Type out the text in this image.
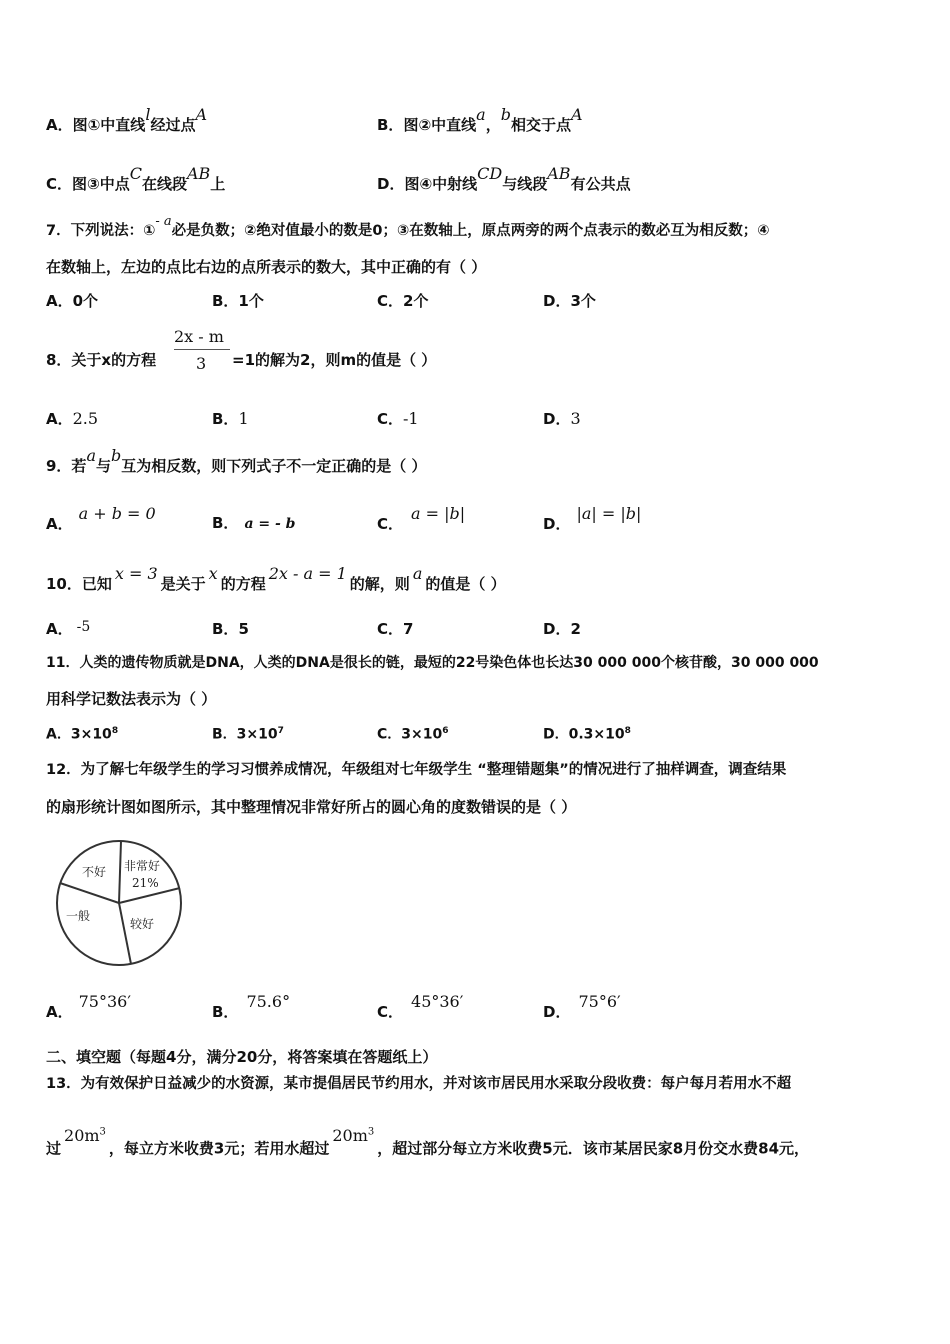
A．图①中直线l经过点A
B．图②中直线a，b相交于点A
C．图③中点C在线段AB上	D．图④中射线CD与线段AB有公共点
7．下列说法：①- a必是负数；②绝对值最小的数是0；③在数轴上，原点两旁的两个点表示的数必互为相反数；④
在数轴上，左边的点比右边的点所表示的数大，其中正确的有（ ）
A．0个	B．1个	C．2个	D．3个
8．关于x的方程
2x - m
3 =1的解为2，则m的值是（ ）
A．2.5	B．1	C．-1	D．3
9．若a与b互为相反数，则下列式子不一定正确的是（ ）
A．a + b = 0	B． a = - b	C．a = |b|
D．|a| = |b|
10．已知x = 3是关于x的方程2x - a = 1的解，则a的值是（ ）
A． -5	B．5	C．7	D．2
11．人类的遗传物质就是DNA，人类的DNA是很长的链，最短的22号染色体也长达30 000 000个核苷酸，30 000 000
用科学记数法表示为（ ）
A．$3\times 10^8$	B．$3\times 10^7$	C．$3\times 10^6$	D．$0.3\times 10^8$
12．为了解七年级学生的学习习惯养成情况，年级组对七年级学生 “整理错题集”的情况进行了抽样调查，调查结果
的扇形统计图如图所示，其中整理情况非常好所占的圆心角的度数错误的是（ ）
非常好
21%
较好
一般
不好
A．75°36′
B．75.6°
C．45°36′
D．75°6′
二、填空题（每题4分，满分20分，将答案填在答题纸上）
13．为有效保护日益减少的水资源，某市提倡居民节约用水，并对该市居民用水采取分段收费：每户每月若用水不超
过$20m^3$，每立方米收费3元；若用水超过$20m^3$，超过部分每立方米收费5元．该市某居民家8月份交水费84元，
